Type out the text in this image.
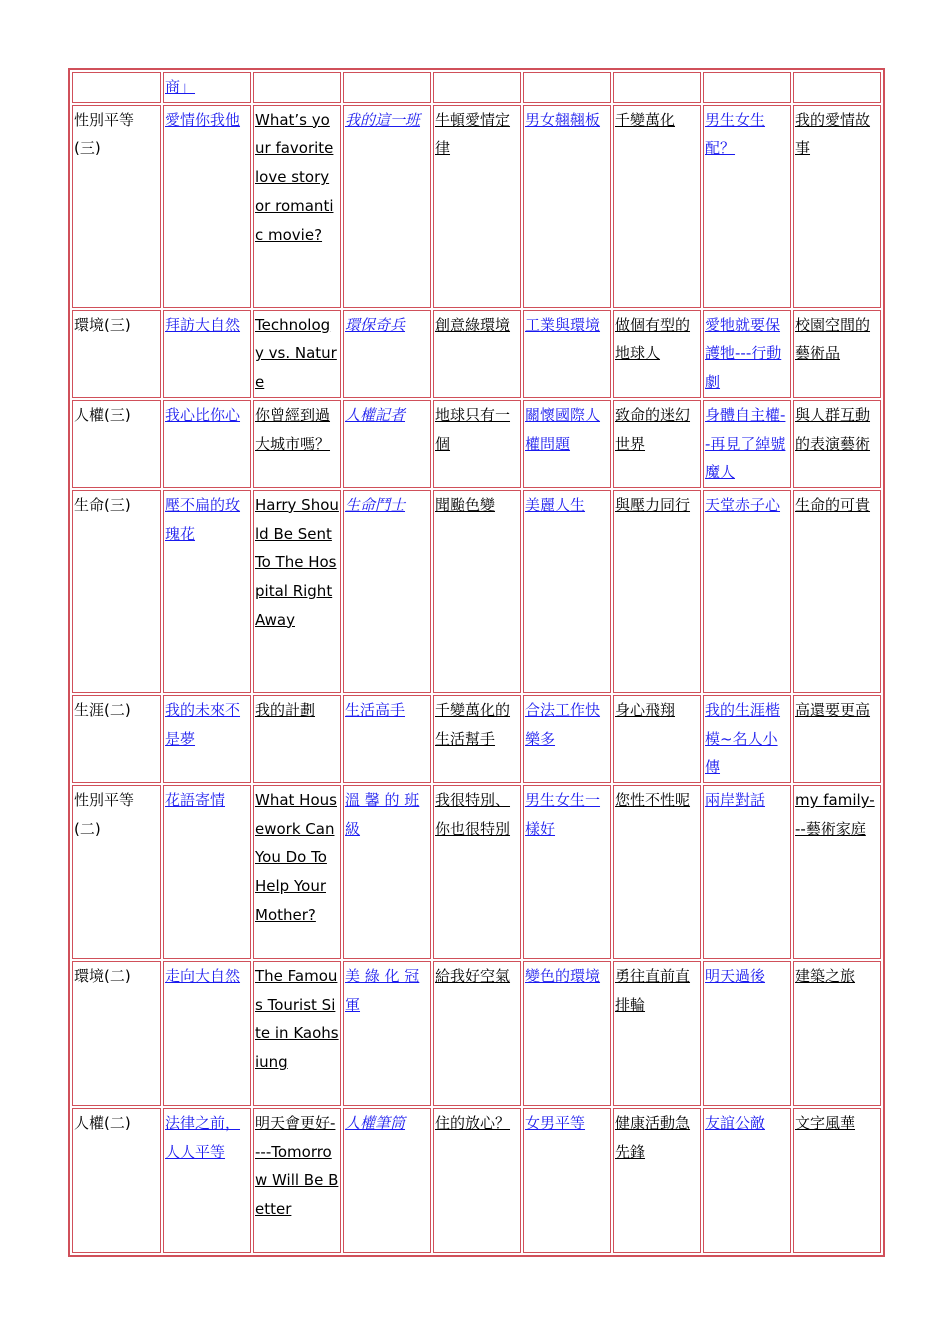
	商」							
性別平等(三)	愛情你我他	What’s your favorite love story or romantic movie?	我的這一班	牛頓愛情定律	男女翹翹板	千變萬化	男生女生配？	我的愛情故事
環境(三)	拜訪大自然	Technology vs. Nature	環保奇兵	創意綠環境	工業與環境	做個有型的地球人	愛牠就要保護牠---行動劇	校園空間的藝術品
人權(三)	我心比你心	你曾經到過大城市嗎？	人權記者	地球只有一個	關懷國際人權問題	致命的迷幻世界	身體自主權--再見了綽號魔人	與人群互動的表演藝術
生命(三)	壓不扁的玫瑰花	Harry Should Be Sent To The Hospital Right Away	生命鬥士	聞颱色變	美麗人生	與壓力同行	天堂赤子心	生命的可貴
生涯(二)	我的未來不是夢	我的計劃	生活高手	千變萬化的生活幫手	合法工作快樂多	身心飛翔	我的生涯楷模~名人小傳	高還要更高
性別平等(二)	花語寄情	What Housework Can You Do To Help Your Mother?	溫 馨 的 班 級	我很特別、你也很特別	男生女生一樣好	您性不性呢	兩岸對話	my family---藝術家庭
環境(二)	走向大自然	The Famous Tourist Site in Kaohsiung	美 綠 化 冠 軍	給我好空氣	變色的環境	勇往直前直排輪	明天過後	建築之旅
人權(二)	法律之前，人人平等	明天會更好----Tomorrow Will Be Better	人權筆筒	住的放心？	女男平等	健康活動急先鋒	友誼公敵	文字風華
